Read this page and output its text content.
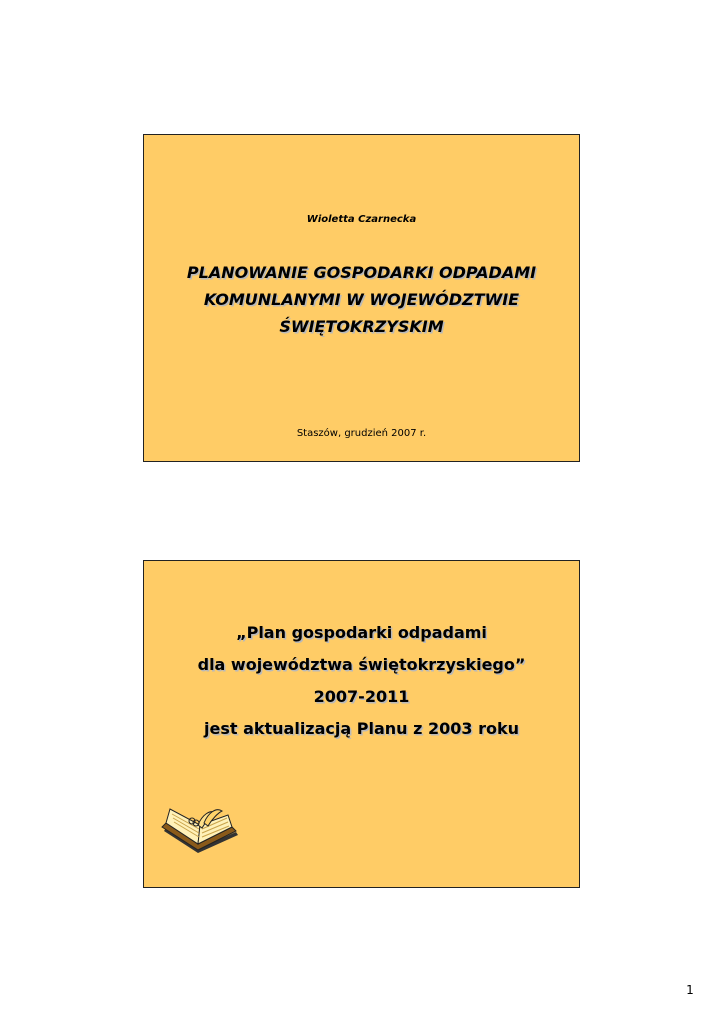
Wioletta Czarnecka
PLANOWANIE GOSPODARKI ODPADAMI
KOMUNLANYMI W WOJEWÓDZTWIE
ŚWIĘTOKRZYSKIM
Staszów, grudzień 2007 r.
„Plan gospodarki odpadami
dla województwa świętokrzyskiego”
2007-2011
jest aktualizacją Planu z 2003 roku
1
